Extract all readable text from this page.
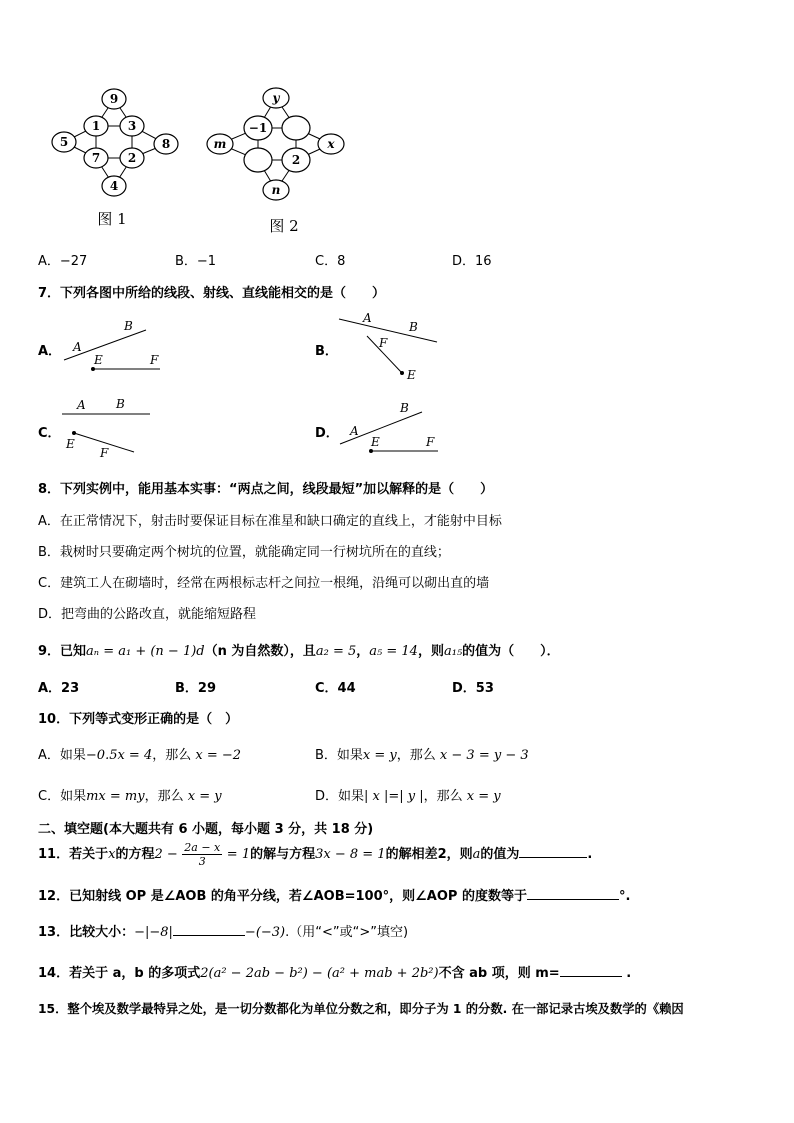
9
1 3
5	8
7 2
4
图 1
y
−1
m	x
2
n
图 2
A．−27	B．−1	C．8	D．16
7．下列各图中所给的线段、射线、直线能相交的是（　　）
A． A
B
E	F
B．
A
B
F
E
C．
A	B
E
F
D． A
B
E	F
8．下列实例中，能用基本实事：“两点之间，线段最短”加以解释的是（　　）
A．在正常情况下，射击时要保证目标在准星和缺口确定的直线上，才能射中目标
B．栽树时只要确定两个树坑的位置，就能确定同一行树坑所在的直线；
C．建筑工人在砌墙时，经常在两根标志杆之间拉一根绳，沿绳可以砌出直的墙
D．把弯曲的公路改直，就能缩短路程
9．已知aₙ = a₁ + (n − 1)d（n 为自然数），且a₂ = 5，a₅ = 14，则a₁₅的值为（　　）．
A．23	B．29	C．44	D．53
10．下列等式变形正确的是（　）
A．如果−0.5x = 4，那么 x = −2	B．如果x = y，那么 x − 3 = y − 3
C．如果mx = my，那么 x = y	D．如果| x |=| y |，那么 x = y
二、填空题(本大题共有 6 小题，每小题 3 分，共 18 分)
11．若关于x的方程$2 - \frac{2a - x}{3} = 1$的解与方程3x − 8 = 1的解相差2，则a的值为	.
12．已知射线 OP 是∠AOB 的角平分线，若∠AOB=100°，则∠AOP 的度数等于	°.
13．比较大小：−|−8|	−(−3).（用“<”或“>”填空)
14．若关于 a，b 的多项式2(a² − 2ab − b²) − (a² + mab + 2b²)不含 ab 项，则 m=	.
15．整个埃及数学最特异之处，是一切分数都化为单位分数之和，即分子为 1 的分数. 在一部记录古埃及数学的《赖因
